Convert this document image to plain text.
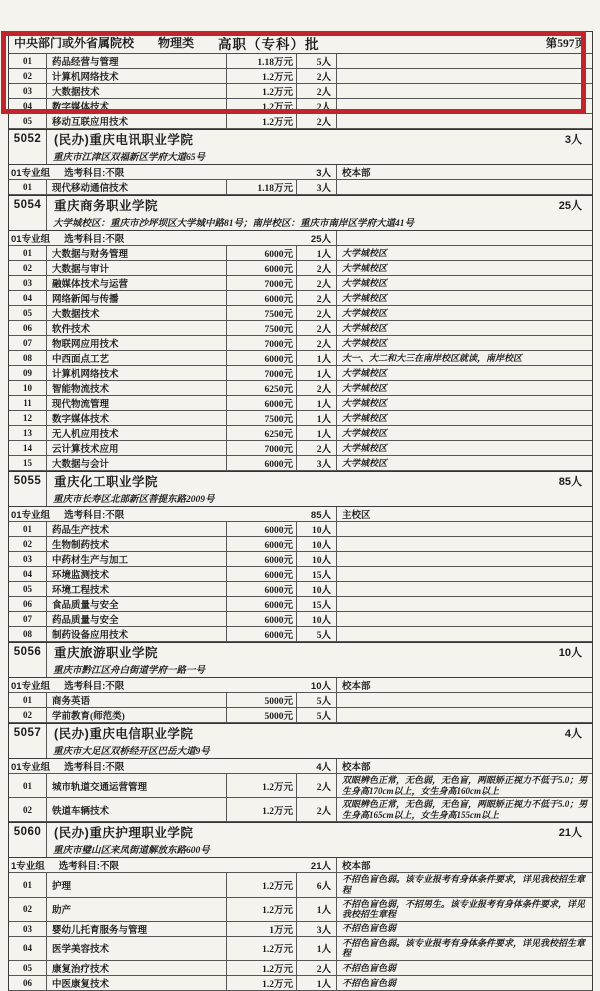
中央部门或外省属院校 物理类 高职（专科）批	第597页
01	药品经营与管理	1.18万元	5人
02	计算机网络技术	1.2万元	2人
03	大数据技术	1.2万元	2人
04	数字媒体技术	1.2万元	2人
05	移动互联应用技术	1.2万元	2人
5052	(民办)重庆电讯职业学院	3人
重庆市江津区双福新区学府大道65号
01专业组 选考科目:不限	3人	校本部
01	现代移动通信技术	1.18万元	3人
5054	重庆商务职业学院	25人
大学城校区：重庆市沙坪坝区大学城中路81号；南岸校区：重庆市南岸区学府大道41号
01专业组 选考科目:不限	25人
01	大数据与财务管理	6000元	1人	大学城校区
02	大数据与审计	6000元	2人	大学城校区
03	融媒体技术与运营	7000元	2人	大学城校区
04	网络新闻与传播	6000元	2人	大学城校区
05	大数据技术	7500元	2人	大学城校区
06	软件技术	7500元	2人	大学城校区
07	物联网应用技术	7000元	2人	大学城校区
08	中西面点工艺	6000元	1人	大一、大二和大三在南岸校区就读，南岸校区
09	计算机网络技术	7000元	1人	大学城校区
10	智能物流技术	6250元	2人	大学城校区
11	现代物流管理	6000元	1人	大学城校区
12	数字媒体技术	7500元	1人	大学城校区
13	无人机应用技术	6250元	1人	大学城校区
14	云计算技术应用	7000元	2人	大学城校区
15	大数据与会计	6000元	3人	大学城校区
5055	重庆化工职业学院	85人
重庆市长寿区北部新区菩提东路2009号
01专业组 选考科目:不限	85人	主校区
01	药品生产技术	6000元	10人
02	生物制药技术	6000元	10人
03	中药材生产与加工	6000元	10人
04	环境监测技术	6000元	15人
05	环境工程技术	6000元	10人
06	食品质量与安全	6000元	15人
07	药品质量与安全	6000元	10人
08	制药设备应用技术	6000元	5人
5056	重庆旅游职业学院	10人
重庆市黔江区舟白街道学府一路一号
01专业组 选考科目:不限	10人	校本部
01	商务英语	5000元	5人
02	学前教育(师范类)	5000元	5人
5057	(民办)重庆电信职业学院	4人
重庆市大足区双桥经开区巴岳大道9号
01专业组 选考科目:不限	4人	校本部
01	城市轨道交通运营管理	1.2万元	2人
双眼辨色正常，无色弱，无色盲，两眼矫正视力不低于5.0；男生身高170cm以上，女生身高160cm以上
02	铁道车辆技术	1.2万元	2人
双眼辨色正常，无色弱，无色盲，两眼矫正视力不低于5.0；男生身高165cm以上，女生身高155cm以上
5060	(民办)重庆护理职业学院	21人
重庆市璧山区来凤街道解放东路600号
1专业组 选考科目:不限	21人	校本部
01	护理	1.2万元	6人
不招色盲色弱。该专业报考有身体条件要求，详见我校招生章程
02	助产	1.2万元	1人
不招色盲色弱，不招男生。该专业报考有身体条件要求，详见我校招生章程
03	婴幼儿托育服务与管理	1万元	3人	不招色盲色弱
04	医学美容技术	1.2万元	1人
不招色盲色弱。该专业报考有身体条件要求，详见我校招生章程
05	康复治疗技术	1.2万元	2人	不招色盲色弱
06	中医康复技术	1.2万元	1人	不招色盲色弱
